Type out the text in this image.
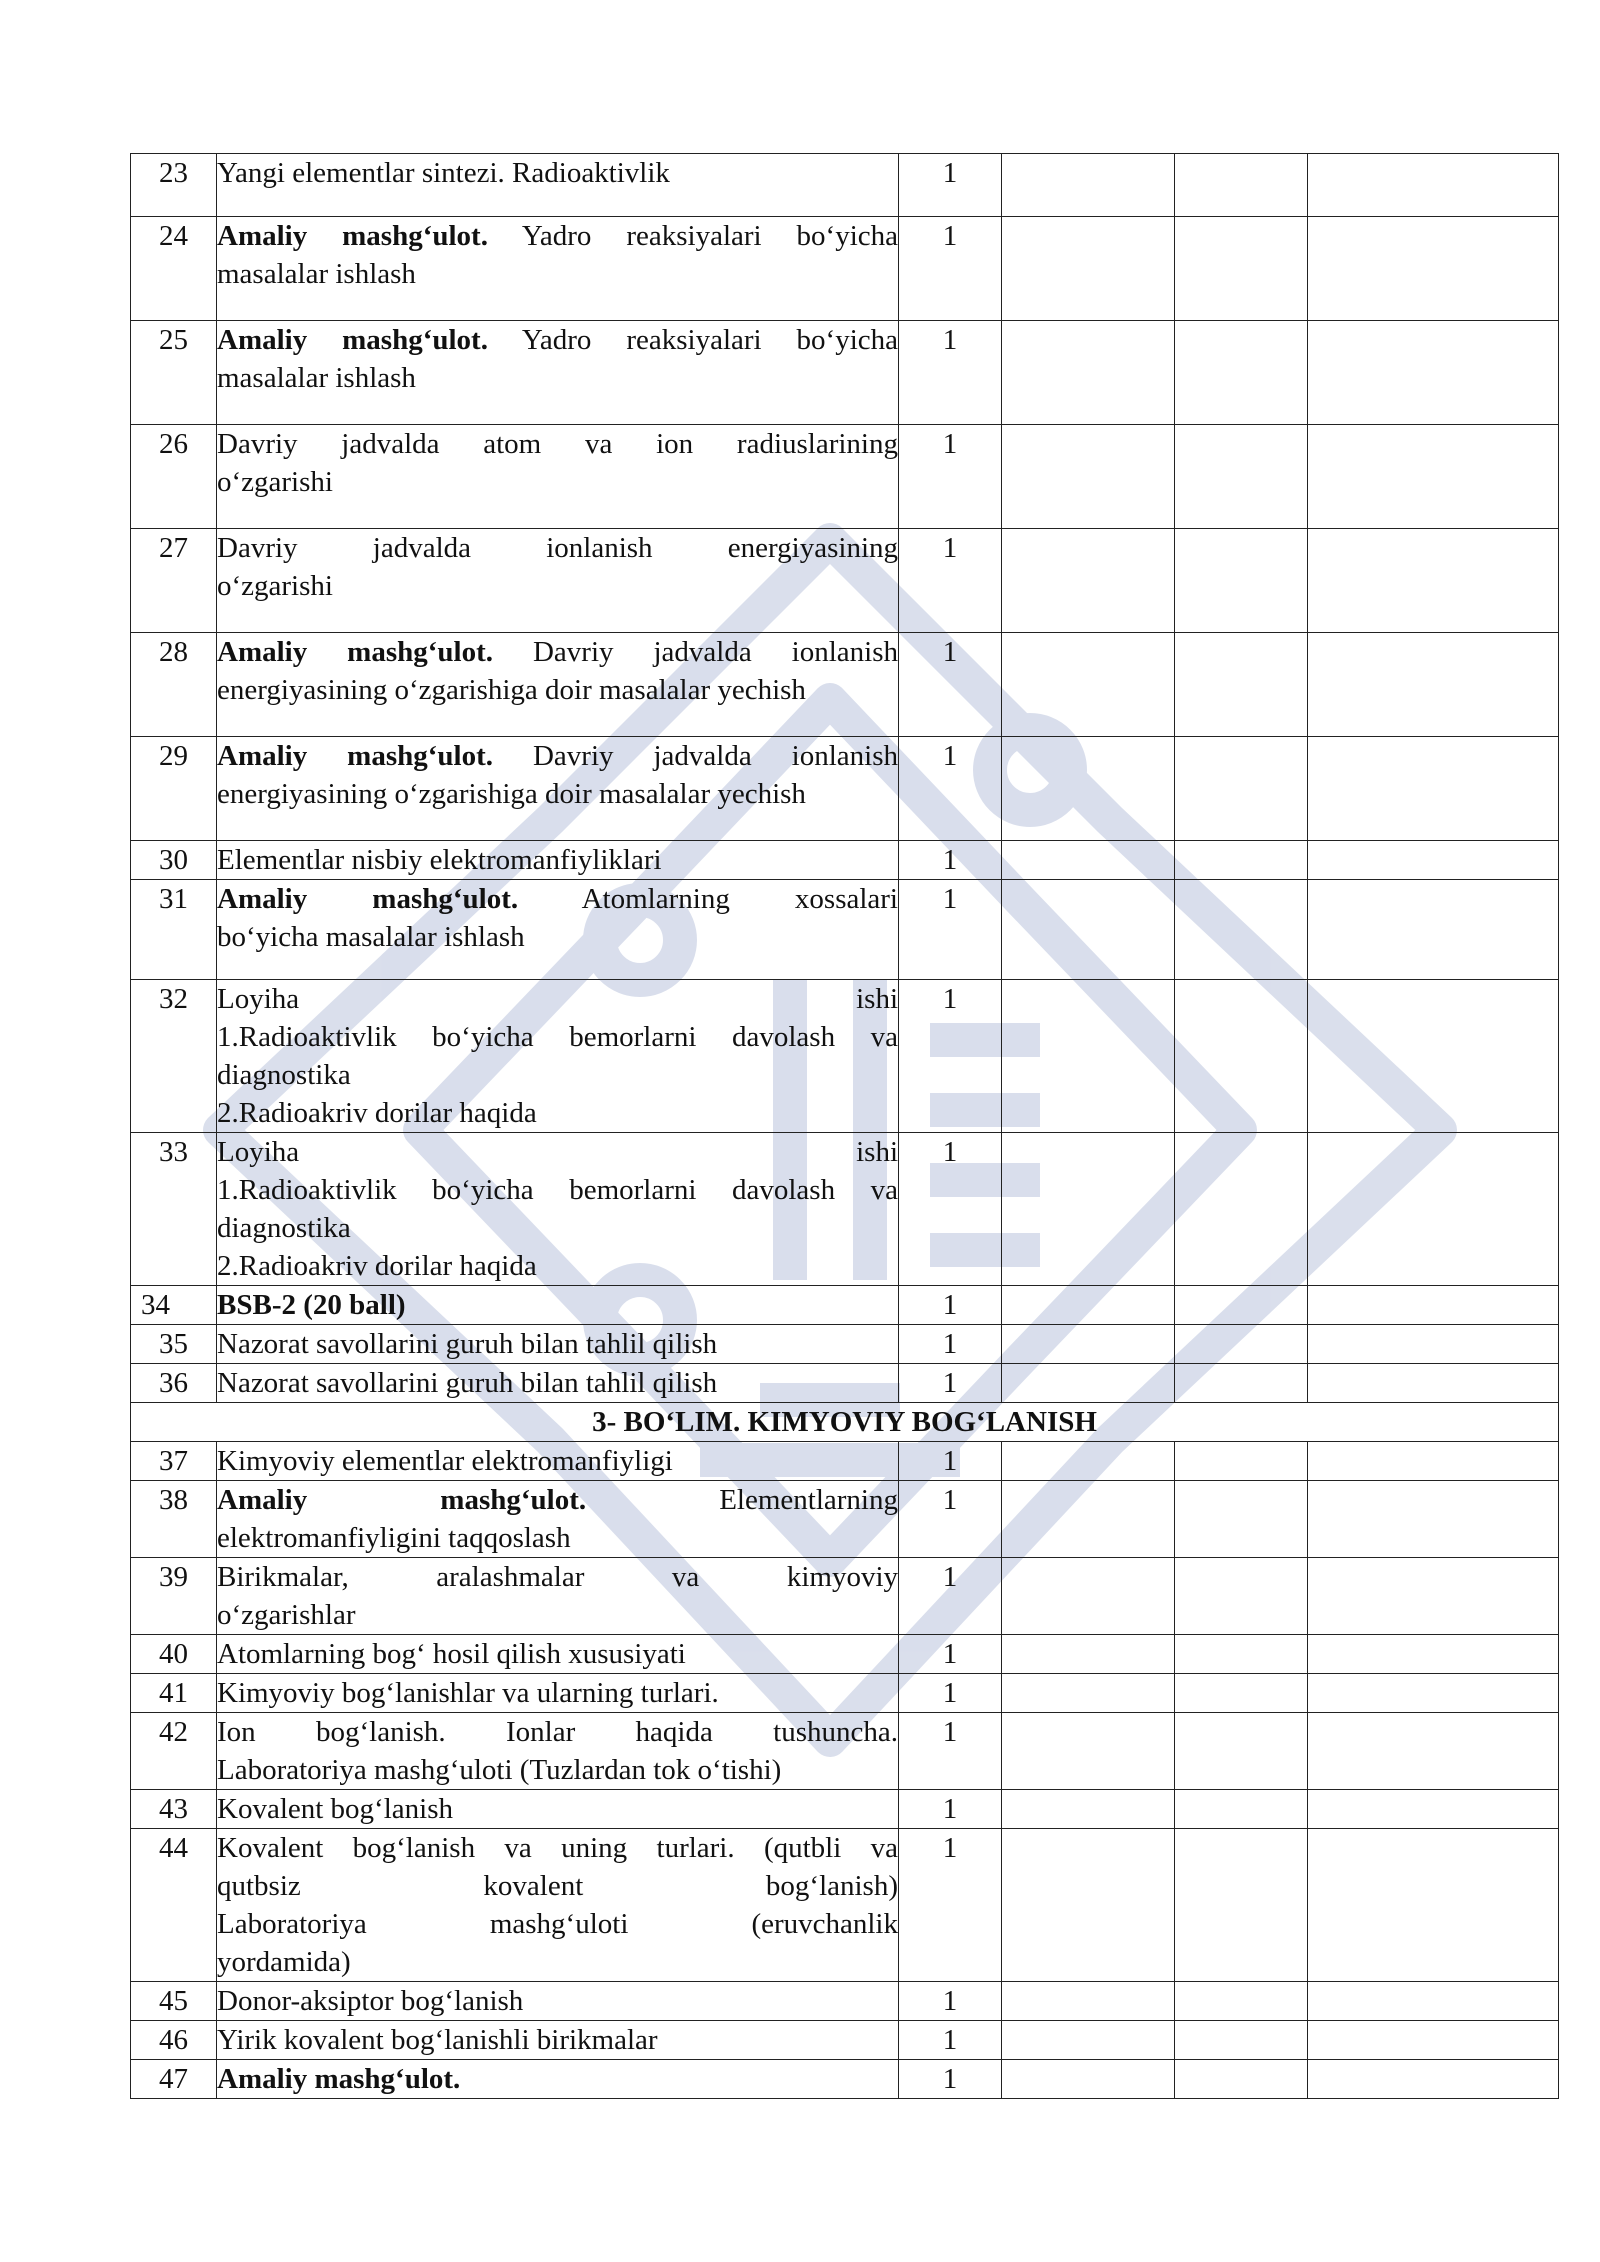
23	Yangi elementlar sintezi. Radioaktivlik	1			
24	Amaliy mashg‘ulot. Yadro reaksiyalari bo‘yicha
masalalar ishlash	1			
25	Amaliy mashg‘ulot. Yadro reaksiyalari bo‘yicha
masalalar ishlash	1			
26	Davriy jadvalda atom va ion radiuslarining
o‘zgarishi	1			
27	Davriy jadvalda ionlanish energiyasining
o‘zgarishi	1			
28	Amaliy mashg‘ulot. Davriy jadvalda ionlanish
energiyasining o‘zgarishiga doir masalalar yechish	1			
29	Amaliy mashg‘ulot. Davriy jadvalda ionlanish
energiyasining o‘zgarishiga doir masalalar yechish	1			
30	Elementlar nisbiy elektromanfiyliklari	1			
31	Amaliy mashg‘ulot. Atomlarning xossalari
bo‘yicha masalalar ishlash	1			
32	Loyiha ishi
1.Radioaktivlik bo‘yicha bemorlarni davolash va
diagnostika
2.Radioakriv dorilar haqida	1			
33	Loyiha ishi
1.Radioaktivlik bo‘yicha bemorlarni davolash va
diagnostika
2.Radioakriv dorilar haqida	1			
34	BSB-2 (20 ball)	1			
35	Nazorat savollarini guruh bilan tahlil qilish	1			
36	Nazorat savollarini guruh bilan tahlil qilish	1			
3- BO‘LIM. KIMYOVIY BOG‘LANISH					
37	Kimyoviy elementlar elektromanfiyligi	1			
38	Amaliy mashg‘ulot. Elementlarning
elektromanfiyligini taqqoslash	1			
39	Birikmalar, aralashmalar va kimyoviy
o‘zgarishlar	1			
40	Atomlarning bog‘ hosil qilish xususiyati	1			
41	Kimyoviy bog‘lanishlar va ularning turlari.	1			
42	Ion bog‘lanish. Ionlar haqida tushuncha.
Laboratoriya mashg‘uloti (Tuzlardan tok o‘tishi)	1			
43	Kovalent bog‘lanish	1			
44	Kovalent bog‘lanish va uning turlari. (qutbli va
qutbsiz kovalent bog‘lanish)
Laboratoriya mashg‘uloti (eruvchanlik
yordamida)	1			
45	Donor-aksiptor bog‘lanish	1			
46	Yirik kovalent bog‘lanishli birikmalar	1			
47	Amaliy mashg‘ulot.	1			
